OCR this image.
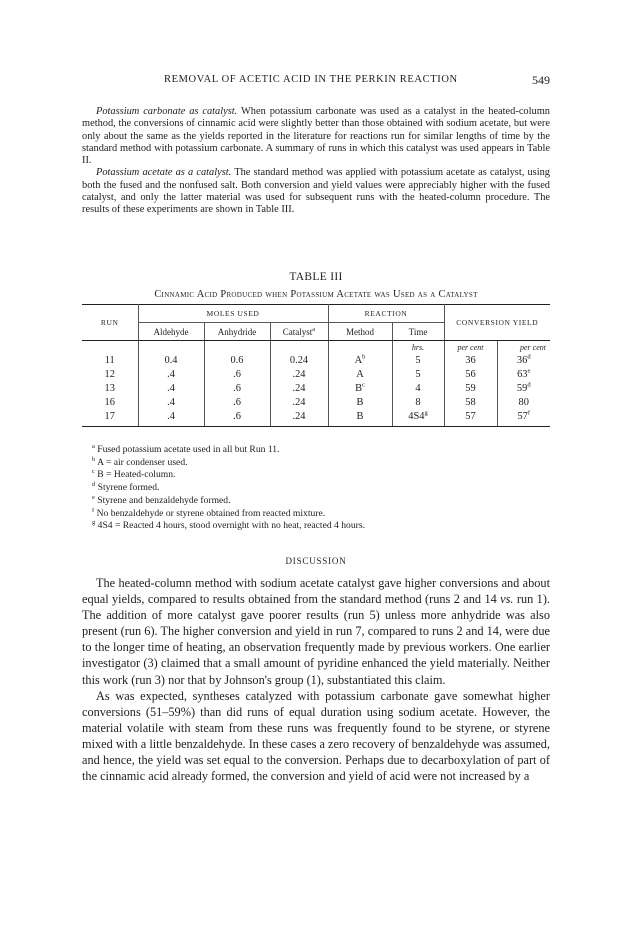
REMOVAL OF ACETIC ACID IN THE PERKIN REACTION	549

Potassium carbonate as catalyst. When potassium carbonate was used as a catalyst in the heated-column method, the conversions of cinnamic acid were slightly better than those obtained with sodium acetate, but were only about the same as the yields reported in the literature for reactions run for similar lengths of time by the standard method with potassium carbonate. A summary of runs in which this catalyst was used appears in Table II.

Potassium acetate as a catalyst. The standard method was applied with potassium acetate as catalyst, using both the fused and the nonfused salt. Both conversion and yield values were appreciably higher with the fused catalyst, and only the latter material was used for subsequent runs with the heated-column procedure. The results of these experiments are shown in Table III.

TABLE III
Cinnamic Acid Produced when Potassium Acetate was Used as a Catalyst
RUN	MOLES USED			REACTION		CONVERSION YIELD	
	Aldehyde	Anhydride	Catalyst$^a$	Method	Time		
					hrs.	per cent	per cent
11	0.4	0.6	0.24	$A^b$	5	36	36$^d$
12	.4	.6	.24	A	5	56	63e
13	.4	.6	.24	$B^c$	4	59	59$^d$
16	.4	.6	.24	B	8	58	80
17	.4	.6	.24	B	4S4$^g$	57	57$^f$
$^a$ Fused potassium acetate used in all but Run 11.
$^b$ A = air condenser used.
$^c$ B = Heated-column.
$^d$ Styrene formed.
$^e$ Styrene and benzaldehyde formed.
$^f$ No benzaldehyde or styrene obtained from reacted mixture.
$^g$ 4S4 = Reacted 4 hours, stood overnight with no heat, reacted 4 hours.
DISCUSSION

The heated-column method with sodium acetate catalyst gave higher conversions and about equal yields, compared to results obtained from the standard method (runs 2 and 14 vs. run 1). The addition of more catalyst gave poorer results (run 5) unless more anhydride was also present (run 6). The higher conversion and yield in run 7, compared to runs 2 and 14, were due to the longer time of heating, an observation frequently made by previous workers. One earlier investigator (3) claimed that a small amount of pyridine enhanced the yield materially. Neither this work (run 3) nor that by Johnson's group (1), substantiated this claim.

As was expected, syntheses catalyzed with potassium carbonate gave somewhat higher conversions (51–59%) than did runs of equal duration using sodium acetate. However, the material volatile with steam from these runs was frequently found to be styrene, or styrene mixed with a little benzaldehyde. In these cases a zero recovery of benzaldehyde was assumed, and hence, the yield was set equal to the conversion. Perhaps due to decarboxylation of part of the cinnamic acid already formed, the conversion and yield of acid were not increased by a
